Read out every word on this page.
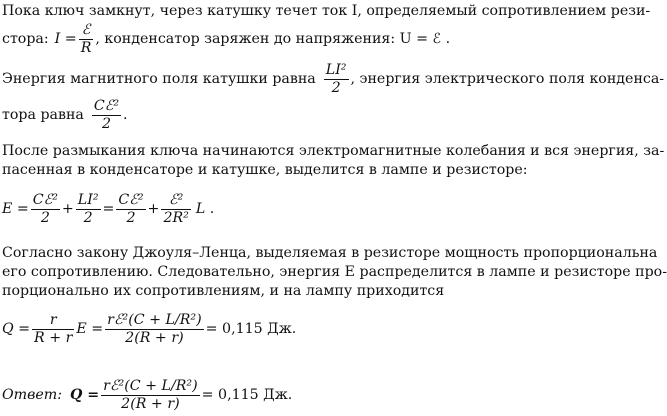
Пока ключ замкнут, через катушку течет ток I, определяемый сопротивлением рези-
стора: $I = \frac{\text{ℰ}}{R}$ , конденсатор заряжен до напряжения: U = ℰ .
Энергия магнитного поля катушки равна $\frac{\text{LI²}}{2}$ , энергия электрического поля конденса-
тора равна $\frac{\text{Cℰ²}}{2}$ .
После размыкания ключа начинаются электромагнитные колебания и вся энергия, за-
пасенная в конденсаторе и катушке, выделится в лампе и резисторе:
$E = \frac{\text{Cℰ²}}{2} + \frac{\text{LI²}}{2} = \frac{\text{Cℰ²}}{2} + \frac{\text{ℰ²}}{\text{2R²}}$ L .
Согласно закону Джоуля–Ленца, выделяемая в резисторе мощность пропорциональна
его сопротивлению. Следовательно, энергия E распределится в лампе и резисторе про-
порционально их сопротивлениям, и на лампу приходится
$Q = \frac{r}{R + r}$ $E = \frac{\text{rℰ²(C + L/R²)}}{2(R + r)} = 0,115$ Дж.
Ответ: $Q = \frac{\text{rℰ²(C + L/R²)}}{2(R + r)} = 0,115$ Дж.
